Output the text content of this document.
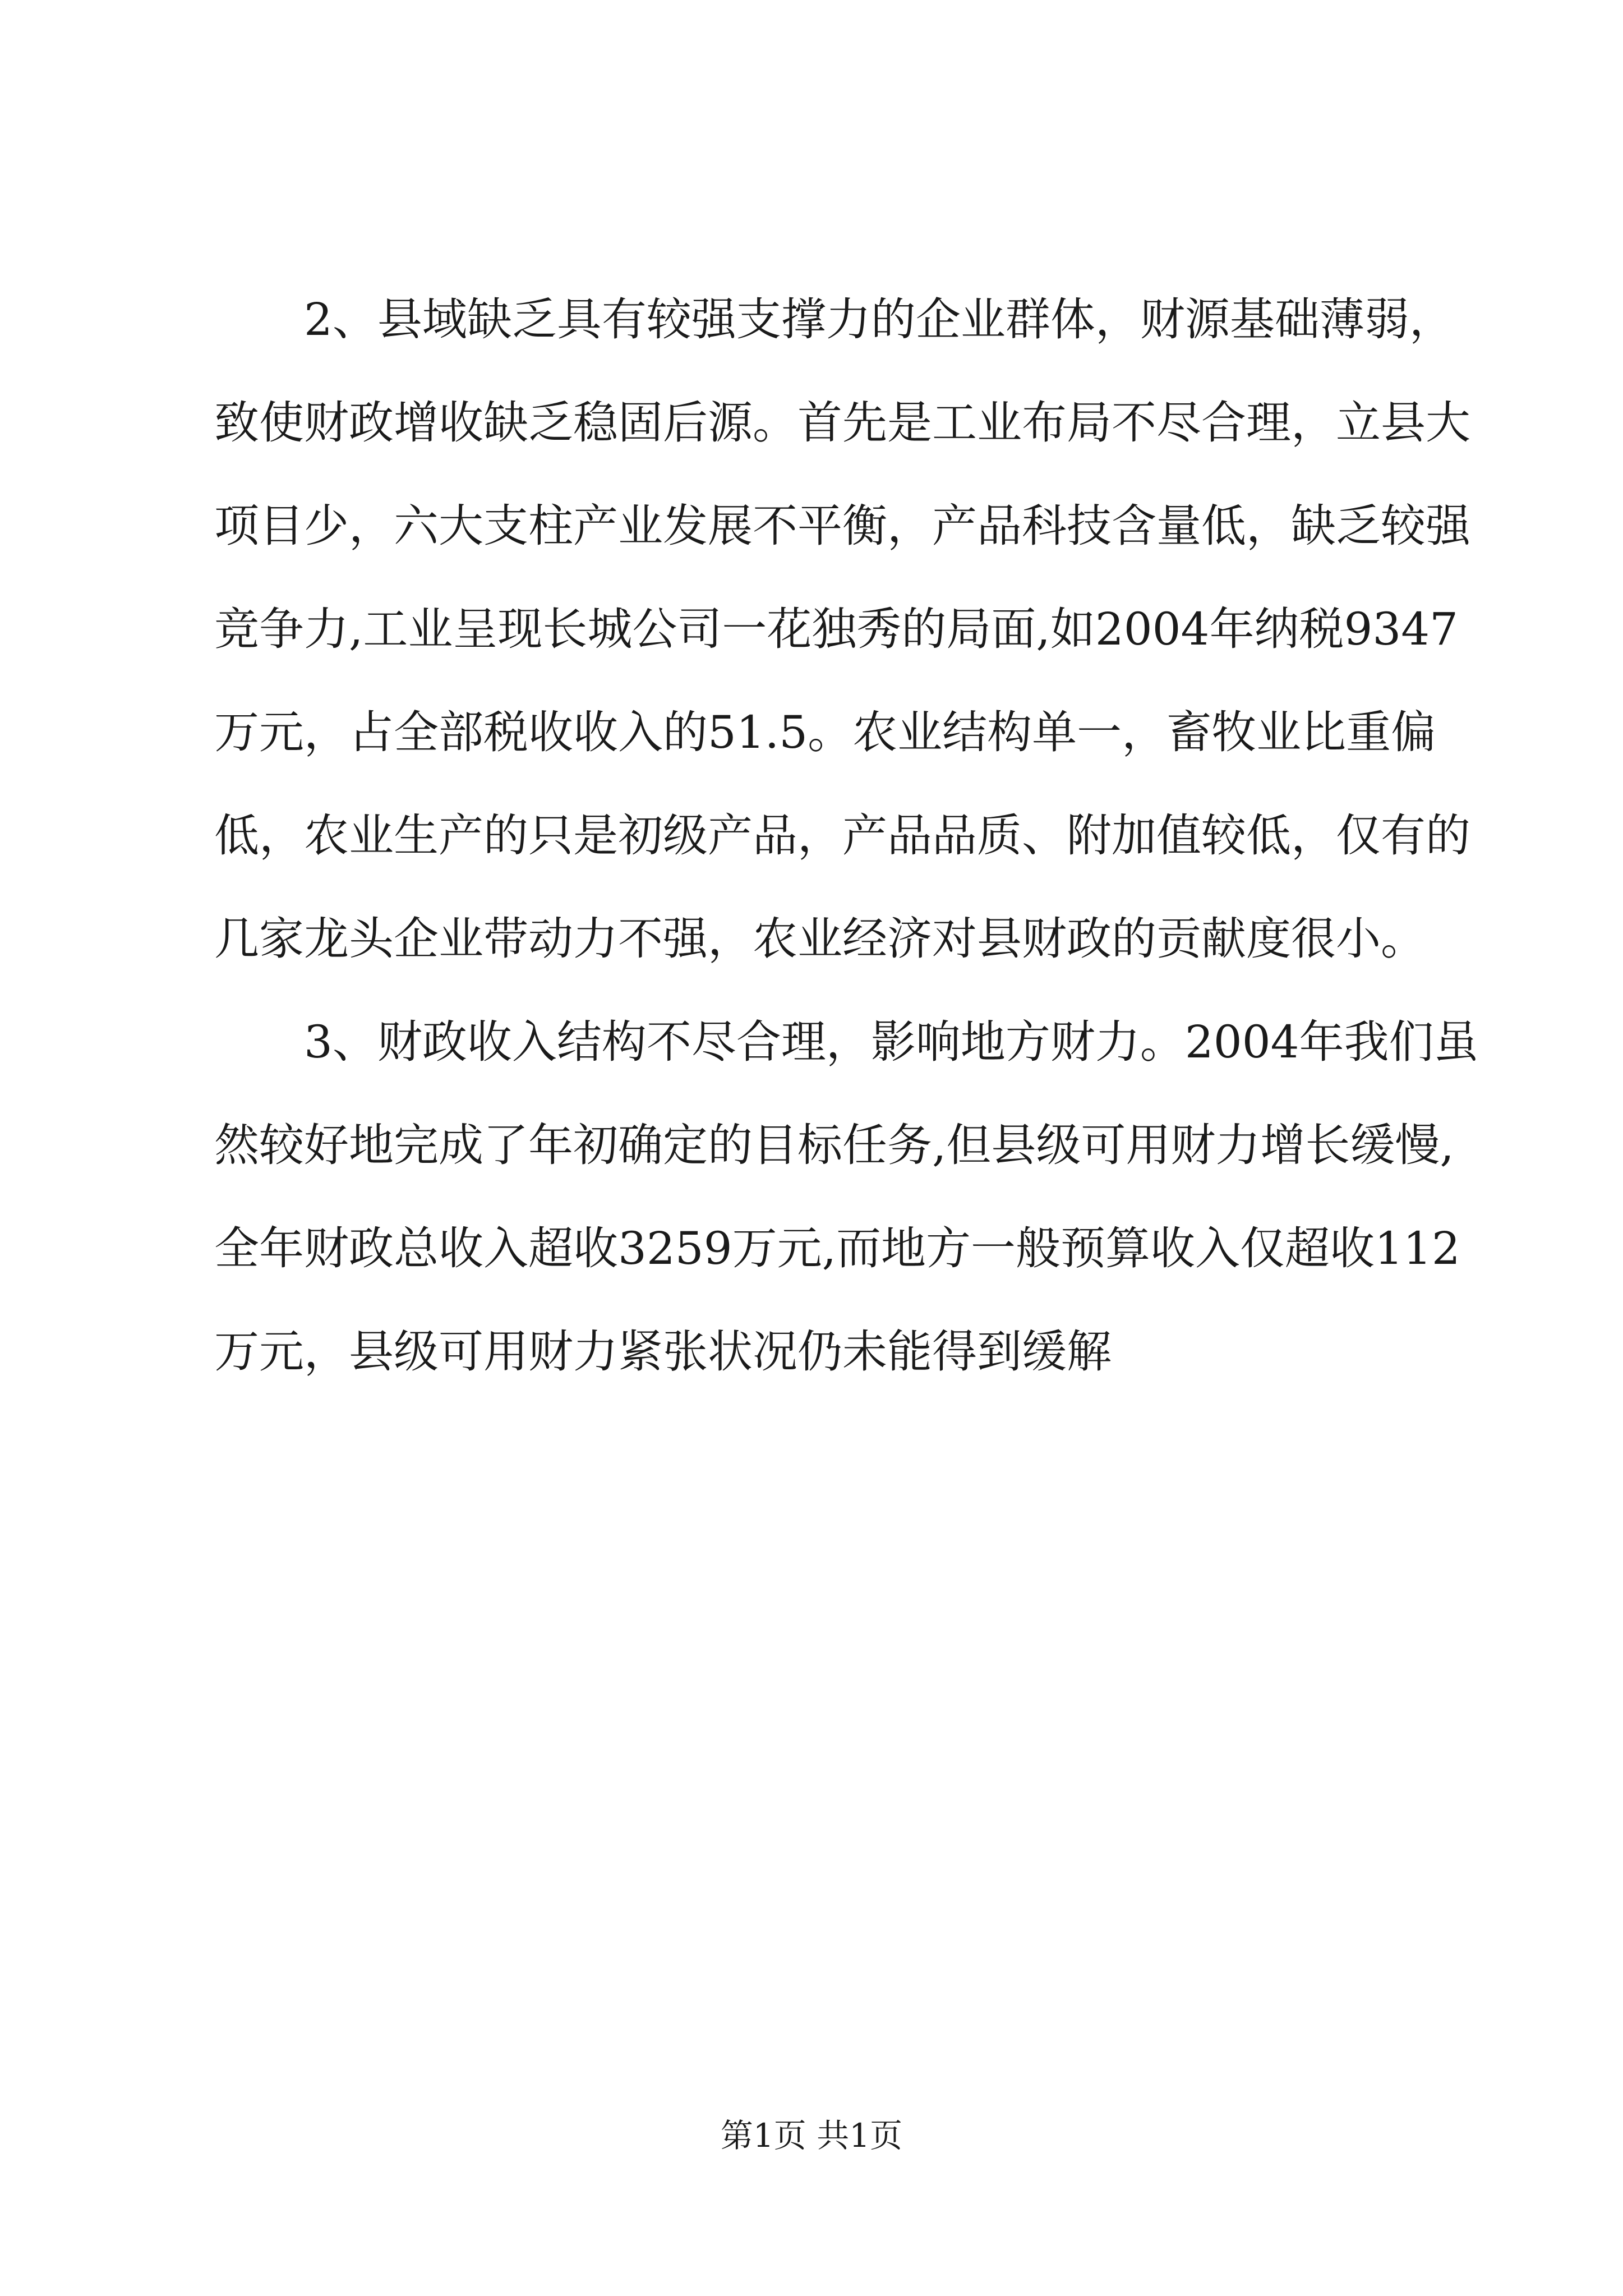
2、县域缺乏具有较强支撑力的企业群体，财源基础薄弱，
致使财政增收缺乏稳固后源。首先是工业布局不尽合理，立县大
项目少，六大支柱产业发展不平衡，产品科技含量低，缺乏较强
竞争力,工业呈现长城公司一花独秀的局面,如2004年纳税9347
万元，占全部税收收入的51.5。农业结构单一，畜牧业比重偏
低，农业生产的只是初级产品，产品品质、附加值较低，仅有的
几家龙头企业带动力不强，农业经济对县财政的贡献度很小。
3、财政收入结构不尽合理，影响地方财力。2004年我们虽
然较好地完成了年初确定的目标任务,但县级可用财力增长缓慢,
全年财政总收入超收3259万元,而地方一般预算收入仅超收112
万元，县级可用财力紧张状况仍未能得到缓解
第1页 共1页
